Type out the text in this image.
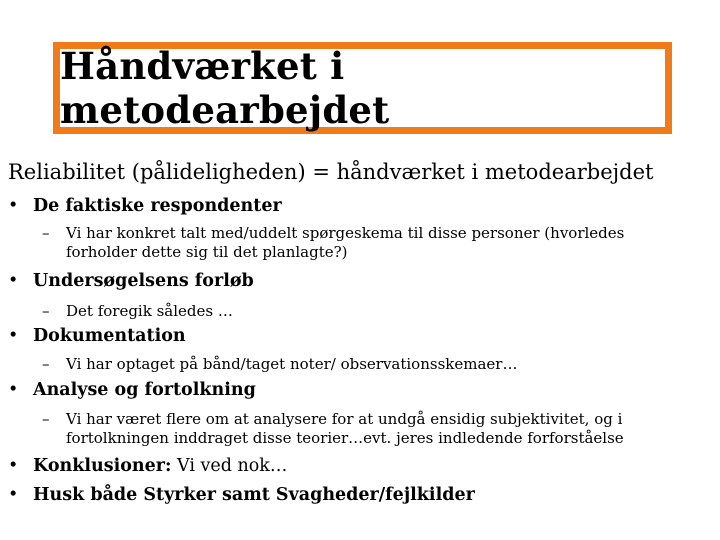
Håndværket i metodearbejdet
Reliabilitet (pålideligheden) = håndværket i metodearbejdet
• De faktiske respondenter
–	Vi har konkret talt med/uddelt spørgeskema til disse personer (hvorledes forholder dette sig til det planlagte?)
• Undersøgelsens forløb
–	Det foregik således …
• Dokumentation
–	Vi har optaget på bånd/taget noter/ observationsskemaer…
• Analyse og fortolkning
–	Vi har været flere om at analysere for at undgå ensidig subjektivitet, og i fortolkningen inddraget disse teorier…evt. jeres indledende forforståelse
• Konklusioner: Vi ved nok…
• Husk både Styrker samt Svagheder/fejlkilder
